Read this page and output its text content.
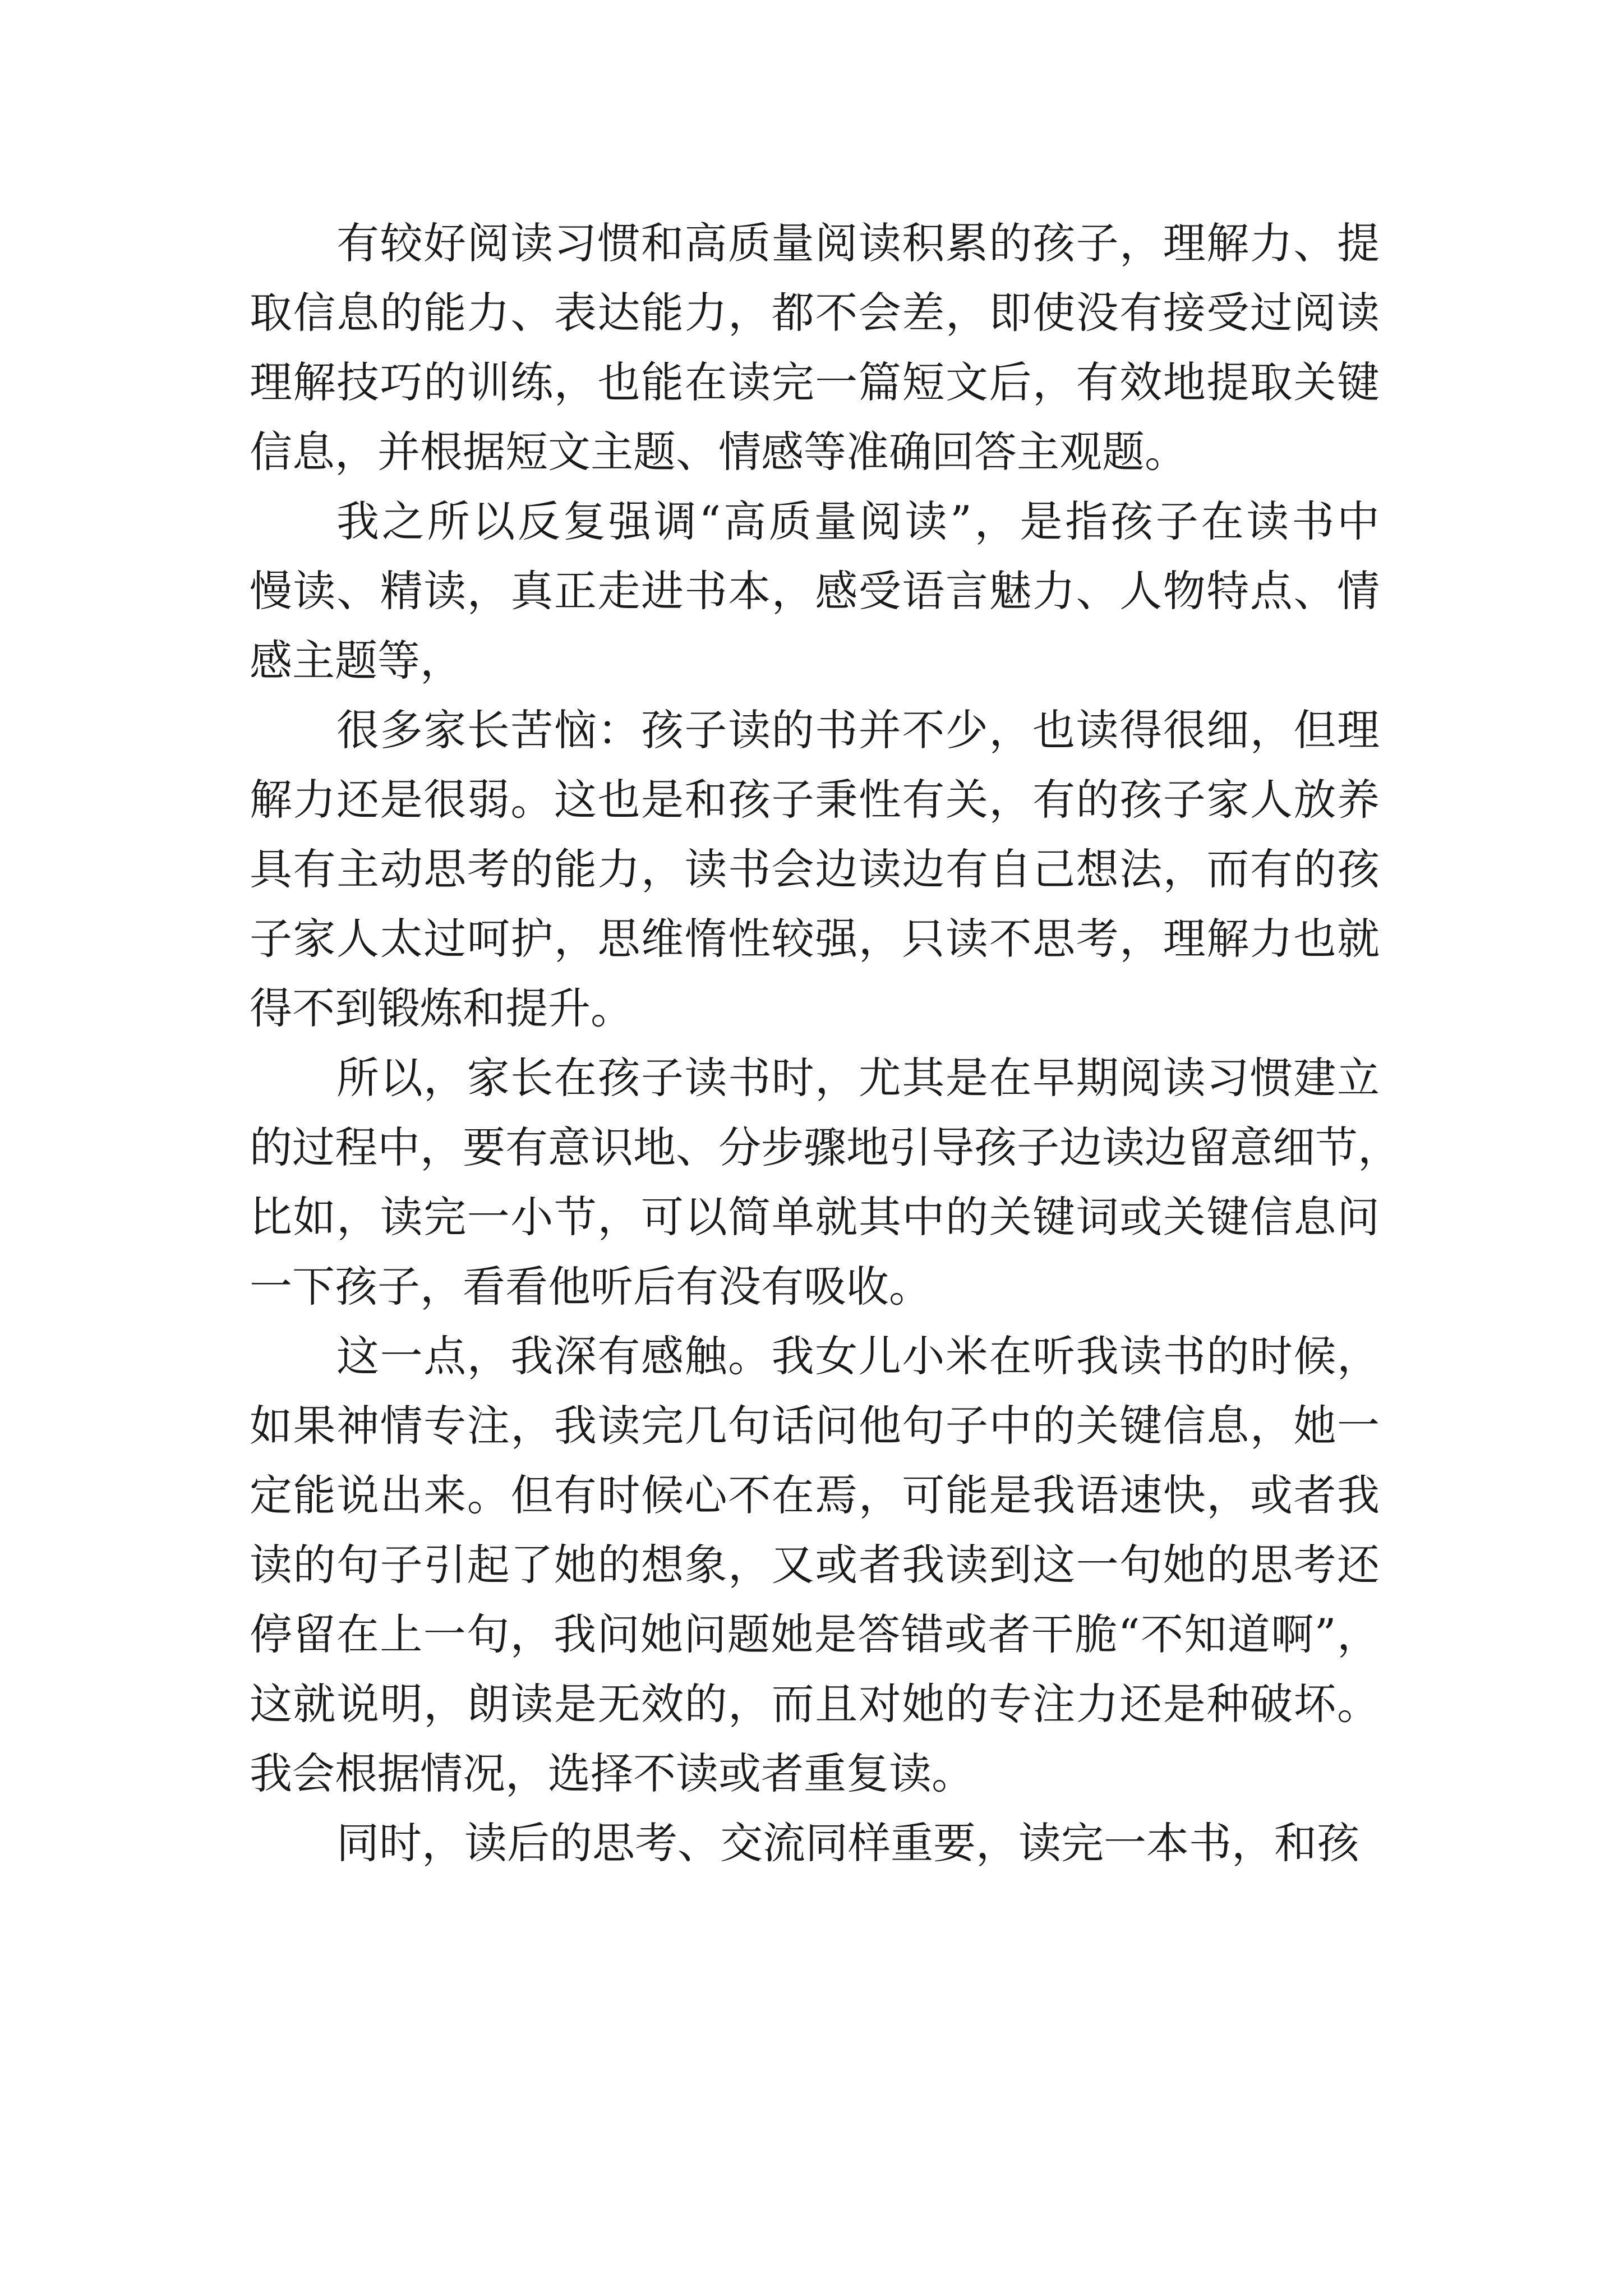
有较好阅读习惯和高质量阅读积累的孩子，理解力、提
取信息的能力、表达能力，都不会差，即使没有接受过阅读
理解技巧的训练，也能在读完一篇短文后，有效地提取关键
信息，并根据短文主题、情感等准确回答主观题。
我之所以反复强调“高质量阅读”，是指孩子在读书中
慢读、精读，真正走进书本，感受语言魅力、人物特点、情
感主题等，
很多家长苦恼：孩子读的书并不少，也读得很细，但理
解力还是很弱。这也是和孩子秉性有关，有的孩子家人放养
具有主动思考的能力，读书会边读边有自己想法，而有的孩
子家人太过呵护，思维惰性较强，只读不思考，理解力也就
得不到锻炼和提升。
所以，家长在孩子读书时，尤其是在早期阅读习惯建立
的过程中，要有意识地、分步骤地引导孩子边读边留意细节，
比如，读完一小节，可以简单就其中的关键词或关键信息问
一下孩子，看看他听后有没有吸收。
这一点，我深有感触。我女儿小米在听我读书的时候，
如果神情专注，我读完几句话问他句子中的关键信息，她一
定能说出来。但有时候心不在焉，可能是我语速快，或者我
读的句子引起了她的想象，又或者我读到这一句她的思考还
停留在上一句，我问她问题她是答错或者干脆“不知道啊”，
这就说明，朗读是无效的，而且对她的专注力还是种破坏。
我会根据情况，选择不读或者重复读。
同时，读后的思考、交流同样重要，读完一本书，和孩
